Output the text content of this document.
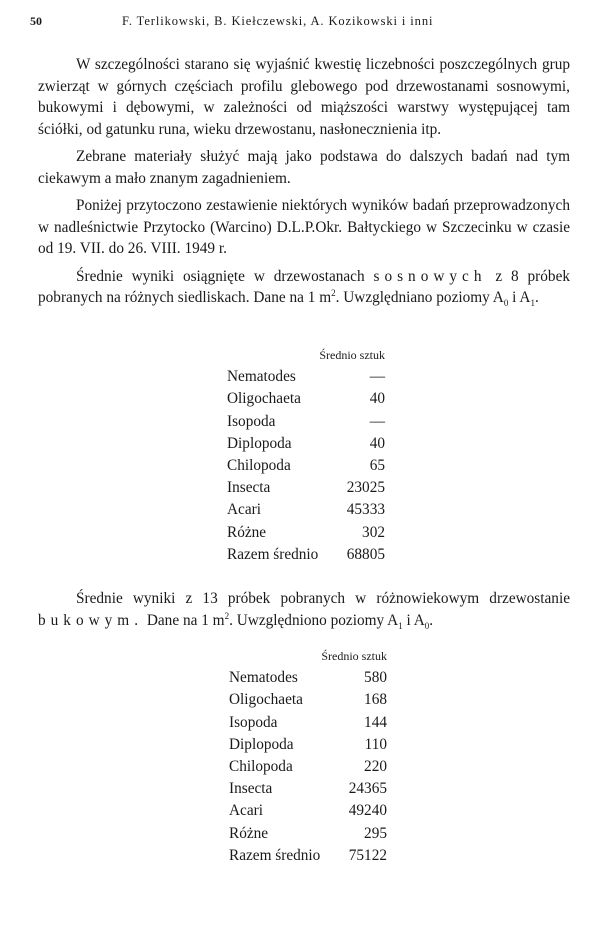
50	F. Terlikowski, B. Kiełczewski, A. Kozikowski i inni

W szczególności starano się wyjaśnić kwestię liczebności poszczególnych grup zwierząt w górnych częściach profilu glebowego pod drzewostanami sosnowymi, bukowymi i dębowymi, w zależności od miąższości warstwy występującej tam ściółki, od gatunku runa, wieku drzewostanu, nasłonecznienia itp.

Zebrane materiały służyć mają jako podstawa do dalszych badań nad tym ciekawym a mało znanym zagadnieniem.

Poniżej przytoczono zestawienie niektórych wyników badań przeprowadzonych w nadleśnictwie Przytocko (Warcino) D.L.P.Okr. Bałtyckiego w Szczecinku w czasie od 19. VII. do 26. VIII. 1949 r.

Średnie wyniki osiągnięte w drzewostanach sosnowych z 8 próbek pobranych na różnych siedliskach. Dane na 1 $m^2$. Uwzględniano poziomy $A_0$ i $A_1$.

Średnio sztuk	
Nematodes	—
Oligochaeta	40
Isopoda	—
Diplopoda	40
Chilopoda	65
Insecta	23025
Acari	45333
Różne	302
Razem średnio	68805

Średnie wyniki z 13 próbek pobranych w różnowiekowym drzewostanie bukowym. Dane na 1 $m^2$. Uwzględniono poziomy $A_1$ i $A_0$.

Średnio sztuk	
Nematodes	580
Oligochaeta	168
Isopoda	144
Diplopoda	110
Chilopoda	220
Insecta	24365
Acari	49240
Różne	295
Razem średnio	75122
